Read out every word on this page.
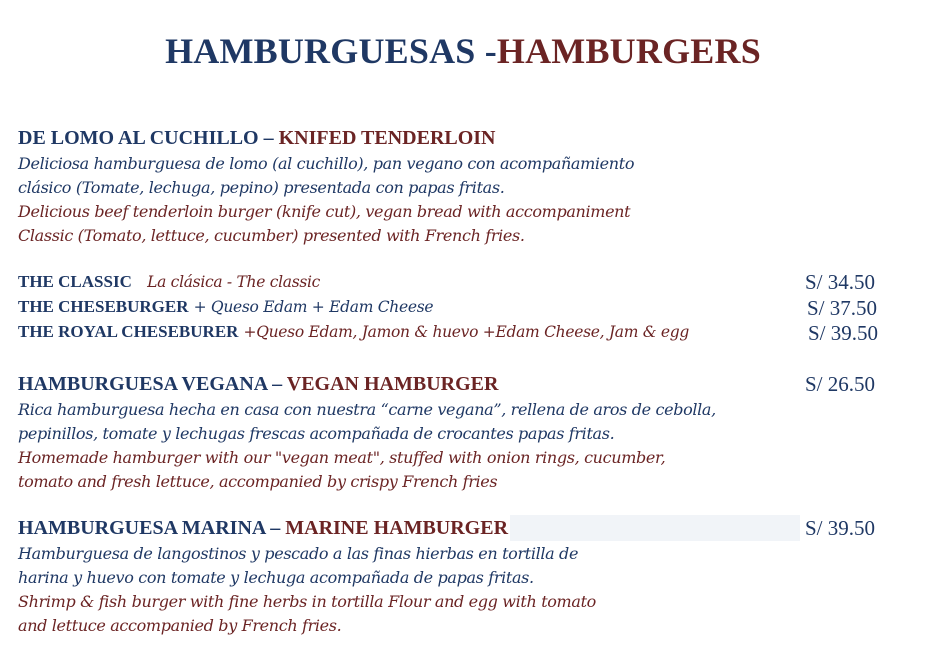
HAMBURGUESAS -HAMBURGERS
DE LOMO AL CUCHILLO – KNIFED TENDERLOIN
Deliciosa hamburguesa de lomo (al cuchillo), pan vegano con acompañamiento
clásico (Tomate, lechuga, pepino) presentada con papas fritas.
Delicious beef tenderloin burger (knife cut), vegan bread with accompaniment
Classic (Tomato, lettuce, cucumber) presented with French fries.
THE CLASSIC La clásica - The classic	S/ 34.50
THE CHESEBURGER + Queso Edam + Edam Cheese	S/ 37.50
THE ROYAL CHESEBURER +Queso Edam, Jamon & huevo +Edam Cheese, Jam & egg	S/ 39.50
HAMBURGUESA VEGANA – VEGAN HAMBURGER	S/ 26.50
Rica hamburguesa hecha en casa con nuestra “carne vegana”, rellena de aros de cebolla,
pepinillos, tomate y lechugas frescas acompañada de crocantes papas fritas.
Homemade hamburger with our "vegan meat", stuffed with onion rings, cucumber,
tomato and fresh lettuce, accompanied by crispy French fries
HAMBURGUESA MARINA – MARINE HAMBURGER	S/ 39.50
Hamburguesa de langostinos y pescado a las finas hierbas en tortilla de
harina y huevo con tomate y lechuga acompañada de papas fritas.
Shrimp & fish burger with fine herbs in tortilla Flour and egg with tomato
and lettuce accompanied by French fries.
